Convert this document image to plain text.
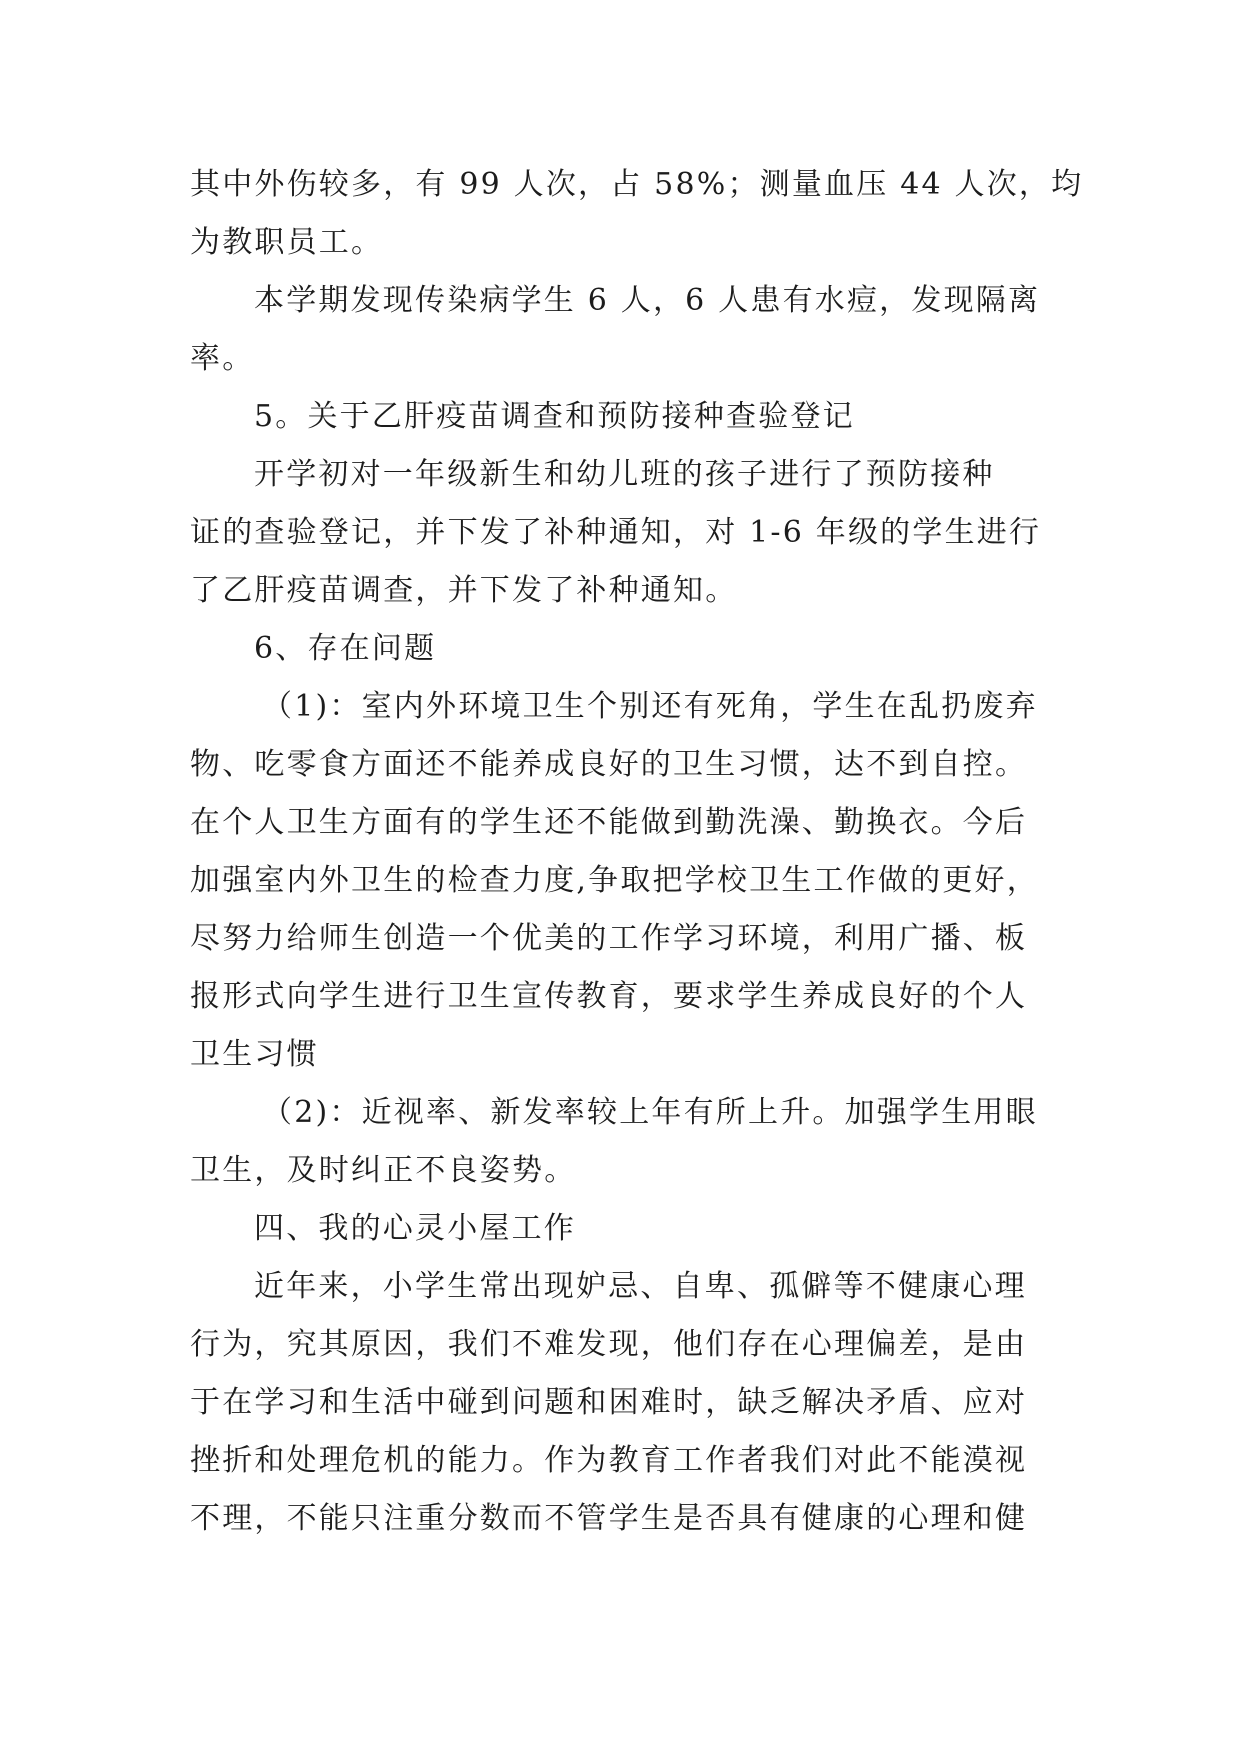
其中外伤较多，有 99 人次，占 58%；测量血压 44 人次，均
为教职员工。
本学期发现传染病学生 6 人，6 人患有水痘，发现隔离
率。
5。关于乙肝疫苗调查和预防接种查验登记
开学初对一年级新生和幼儿班的孩子进行了预防接种
证的查验登记，并下发了补种通知，对 1-6 年级的学生进行
了乙肝疫苗调查，并下发了补种通知。
6、存在问题
（1)：室内外环境卫生个别还有死角，学生在乱扔废弃
物、吃零食方面还不能养成良好的卫生习惯，达不到自控。
在个人卫生方面有的学生还不能做到勤洗澡、勤换衣。今后
加强室内外卫生的检查力度,争取把学校卫生工作做的更好，
尽努力给师生创造一个优美的工作学习环境，利用广播、板
报形式向学生进行卫生宣传教育，要求学生养成良好的个人
卫生习惯
（2)：近视率、新发率较上年有所上升。加强学生用眼
卫生，及时纠正不良姿势。
四、我的心灵小屋工作
近年来，小学生常出现妒忌、自卑、孤僻等不健康心理
行为，究其原因，我们不难发现，他们存在心理偏差，是由
于在学习和生活中碰到问题和困难时，缺乏解决矛盾、应对
挫折和处理危机的能力。作为教育工作者我们对此不能漠视
不理，不能只注重分数而不管学生是否具有健康的心理和健
